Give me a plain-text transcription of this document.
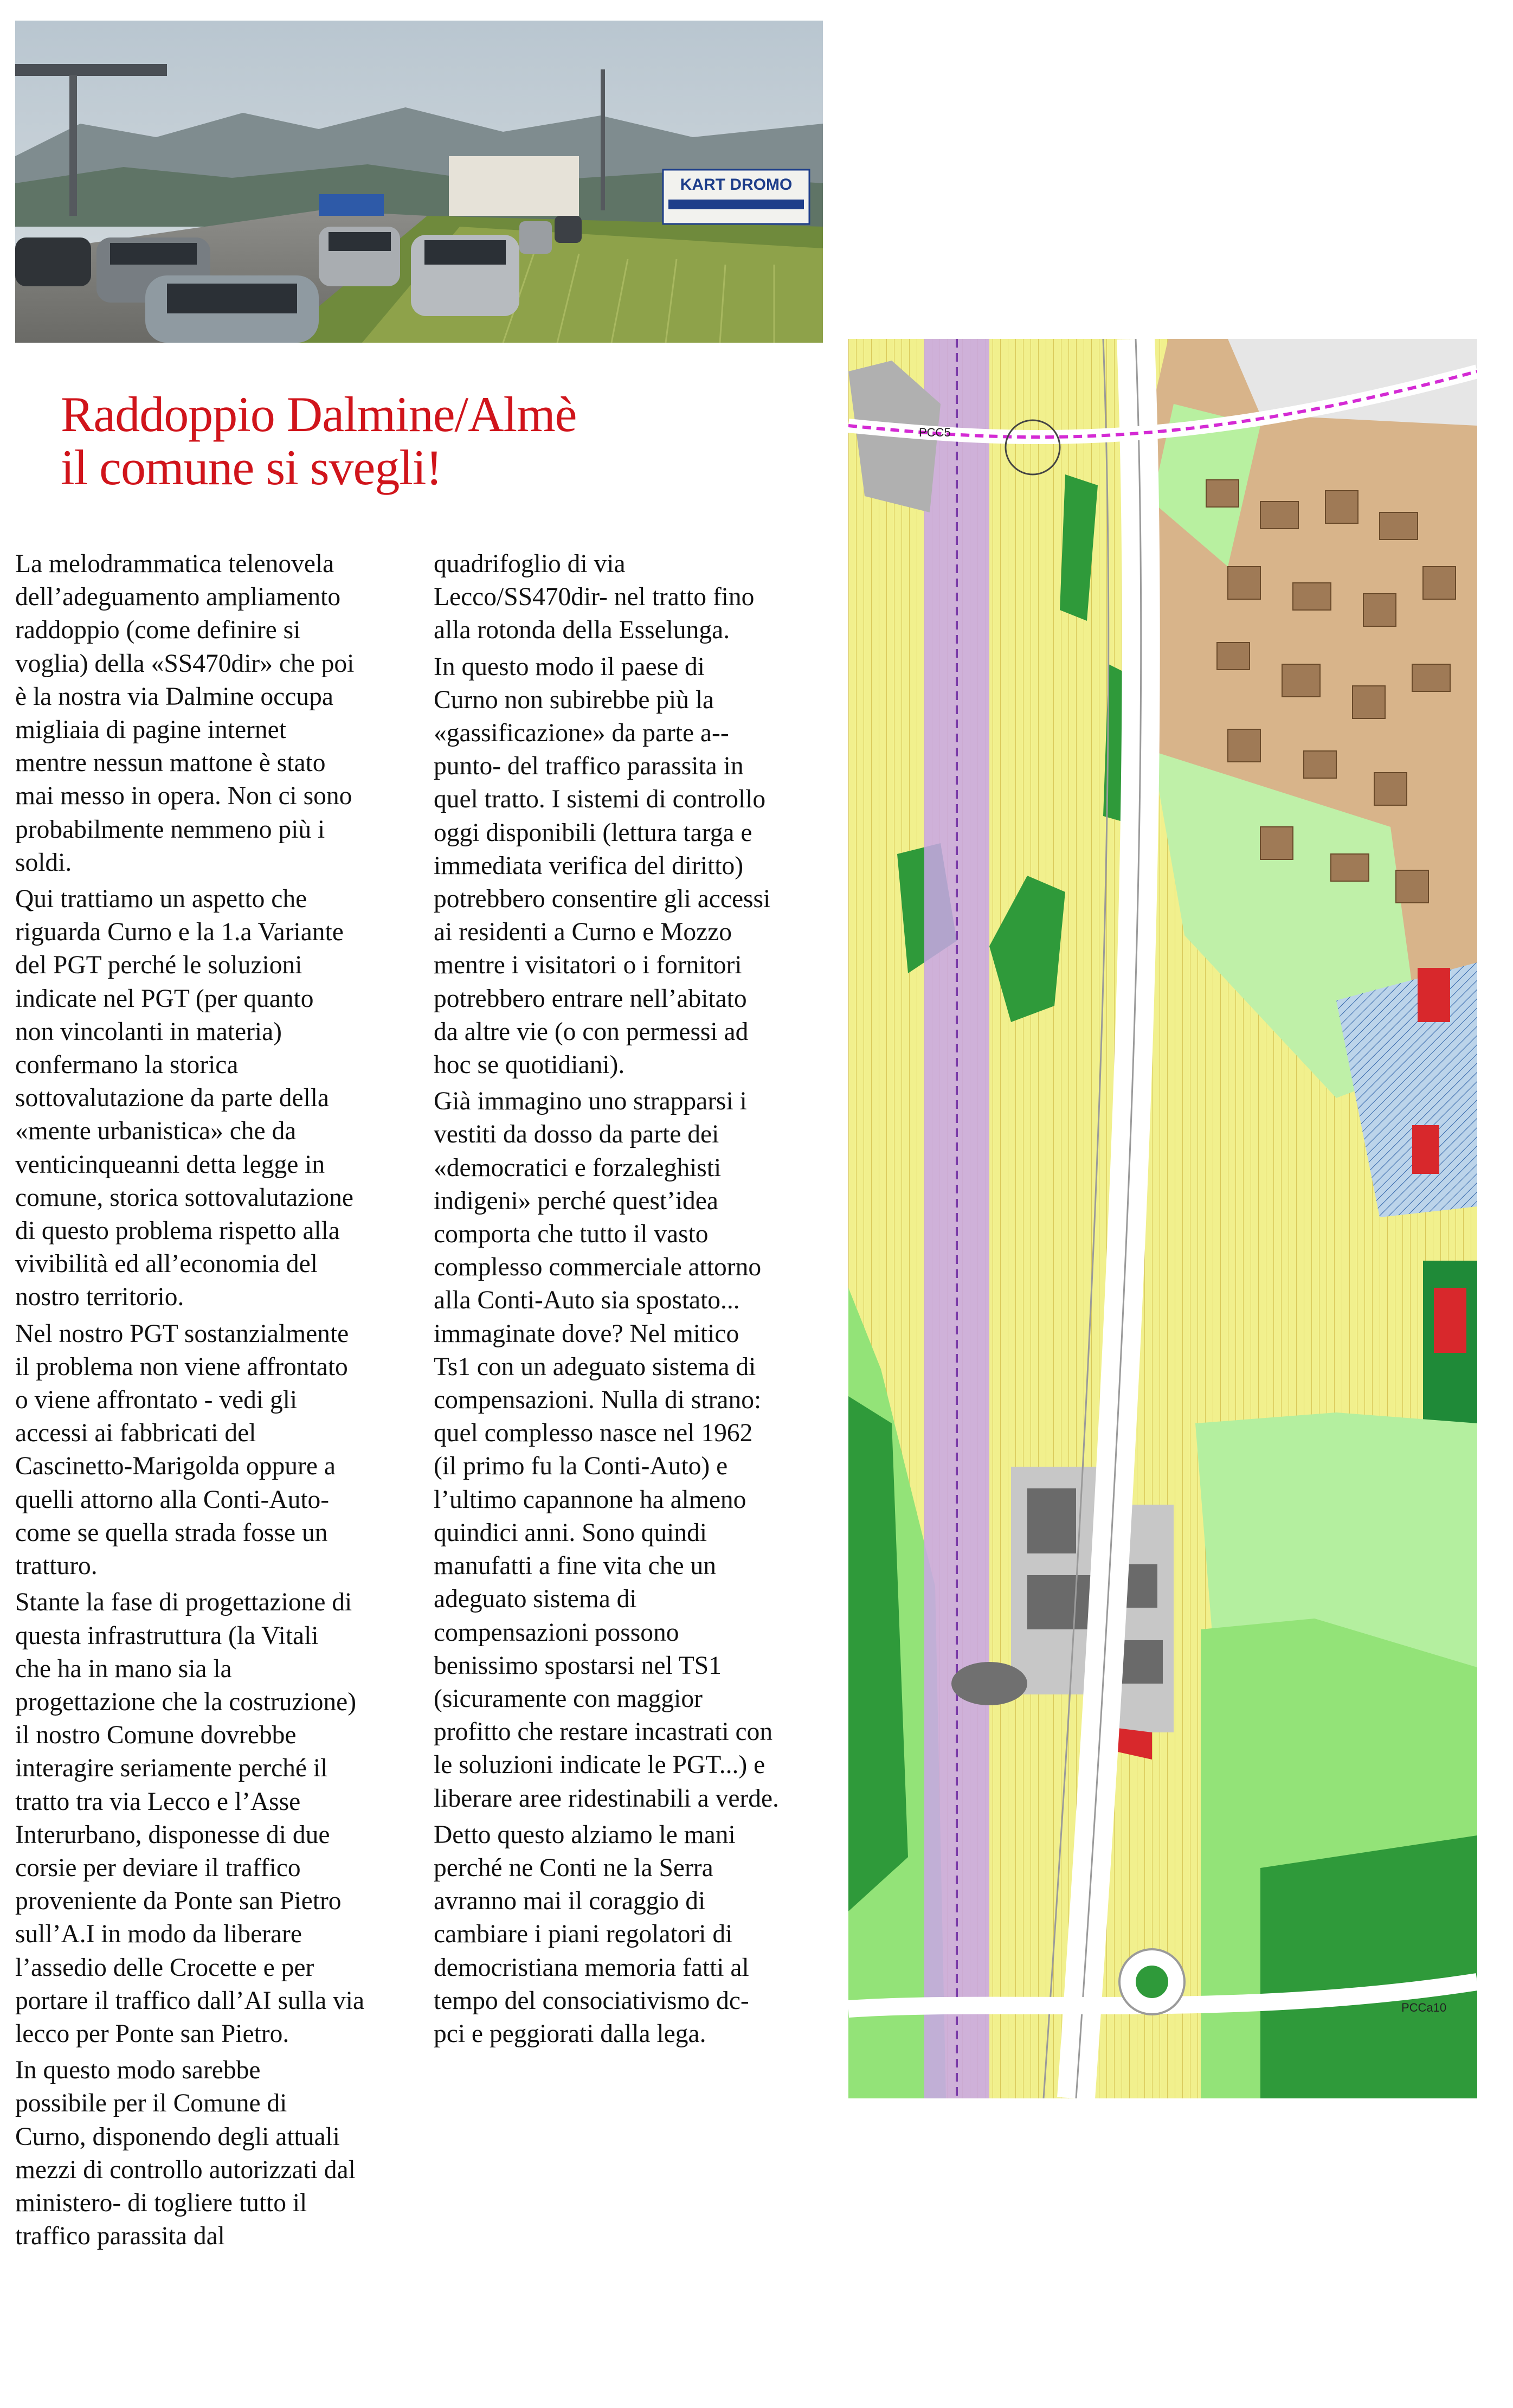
KART DROMO
Raddoppio Dalmine/Almè
il comune si svegli!

La melodrammatica telenovela
dell’adeguamento ampliamento
raddoppio (come definire si
voglia) della «SS470dir» che poi
è la nostra via Dalmine occupa
migliaia di pagine internet
mentre nessun mattone è stato
mai messo in opera. Non ci sono
probabilmente nemmeno più i
soldi.

Qui trattiamo un aspetto che
riguarda Curno e la 1.a Variante
del PGT perché le soluzioni
indicate nel PGT (per quanto
non vincolanti in materia)
confermano la storica
sottovalutazione da parte della
«mente urbanistica» che da
venticinqueanni detta legge in
comune, storica sottovalutazione
di questo problema rispetto alla
vivibilità ed all’economia del
nostro territorio.

Nel nostro PGT sostanzialmente
il problema non viene affrontato
o viene affrontato - vedi gli
accessi ai fabbricati del
Cascinetto-Marigolda oppure a
quelli attorno alla Conti-Auto-
come se quella strada fosse un
tratturo.

Stante la fase di progettazione di
questa infrastruttura (la Vitali
che ha in mano sia la
progettazione che la costruzione)
il nostro Comune dovrebbe
interagire seriamente perché il
tratto tra via Lecco e l’Asse
Interurbano, disponesse di due
corsie per deviare il traffico
proveniente da Ponte san Pietro
sull’A.I in modo da liberare
l’assedio delle Crocette e per
portare il traffico dall’AI sulla via
lecco per Ponte san Pietro.

In questo modo sarebbe
possibile per il Comune di
Curno, disponendo degli attuali
mezzi di controllo autorizzati dal
ministero- di togliere tutto il
traffico parassita dal

quadrifoglio di via
Lecco/SS470dir- nel tratto fino
alla rotonda della Esselunga.

In questo modo il paese di
Curno non subirebbe più la
«gassificazione» da parte a--
punto- del traffico parassita in
quel tratto. I sistemi di controllo
oggi disponibili (lettura targa e
immediata verifica del diritto)
potrebbero consentire gli accessi
ai residenti a Curno e Mozzo
mentre i visitatori o i fornitori
potrebbero entrare nell’abitato
da altre vie (o con permessi ad
hoc se quotidiani).

Già immagino uno strapparsi i
vestiti da dosso da parte dei
«democratici e forzaleghisti
indigeni» perché quest’idea
comporta che tutto il vasto
complesso commerciale attorno
alla Conti-Auto sia spostato...
immaginate dove? Nel mitico
Ts1 con un adeguato sistema di
compensazioni. Nulla di strano:
quel complesso nasce nel 1962
(il primo fu la Conti-Auto) e
l’ultimo capannone ha almeno
quindici anni. Sono quindi
manufatti a fine vita che un
adeguato sistema di
compensazioni possono
benissimo spostarsi nel TS1
(sicuramente con maggior
profitto che restare incastrati con
le soluzioni indicate le PGT...) e
liberare aree ridestinabili a verde.

Detto questo alziamo le mani
perché ne Conti ne la Serra
avranno mai il coraggio di
cambiare i piani regolatori di
democristiana memoria fatti al
tempo del consociativismo dc-
pci e peggiorati dalla lega.

PCC5
PCCa10
